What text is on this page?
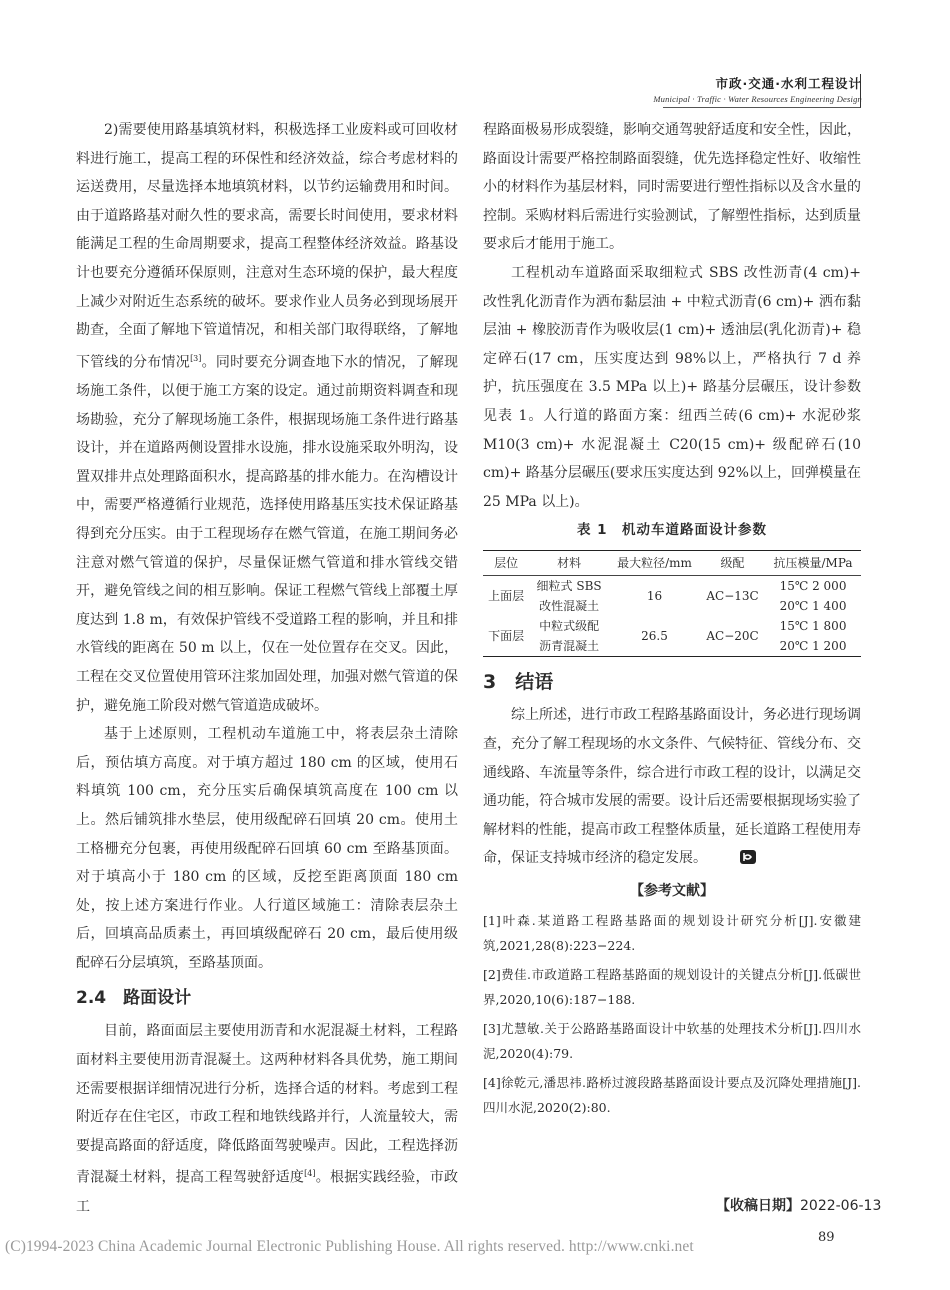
市政·交通·水利工程设计
Municipal · Traffic · Water Resources Engineering Design

2)需要使用路基填筑材料，积极选择工业废料或可回收材料进行施工，提高工程的环保性和经济效益，综合考虑材料的运送费用，尽量选择本地填筑材料，以节约运输费用和时间。由于道路路基对耐久性的要求高，需要长时间使用，要求材料能满足工程的生命周期要求，提高工程整体经济效益。路基设计也要充分遵循环保原则，注意对生态环境的保护，最大程度上减少对附近生态系统的破坏。要求作业人员务必到现场展开勘查，全面了解地下管道情况，和相关部门取得联络，了解地下管线的分布情况[3]。同时要充分调查地下水的情况，了解现场施工条件，以便于施工方案的设定。通过前期资料调查和现场勘验，充分了解现场施工条件，根据现场施工条件进行路基设计，并在道路两侧设置排水设施，排水设施采取外明沟，设置双排井点处理路面积水，提高路基的排水能力。在沟槽设计中，需要严格遵循行业规范，选择使用路基压实技术保证路基得到充分压实。由于工程现场存在燃气管道，在施工期间务必注意对燃气管道的保护，尽量保证燃气管道和排水管线交错开，避免管线之间的相互影响。保证工程燃气管线上部覆土厚度达到 1.8 m，有效保护管线不受道路工程的影响，并且和排水管线的距离在 50 m 以上，仅在一处位置存在交叉。因此，工程在交叉位置使用管环注浆加固处理，加强对燃气管道的保护，避免施工阶段对燃气管道造成破坏。

基于上述原则，工程机动车道施工中，将表层杂土清除后，预估填方高度。对于填方超过 180 cm 的区域，使用石料填筑 100 cm，充分压实后确保填筑高度在 100 cm 以上。然后铺筑排水垫层，使用级配碎石回填 20 cm。使用土工格栅充分包裹，再使用级配碎石回填 60 cm 至路基顶面。对于填高小于 180 cm 的区域，反挖至距离顶面 180 cm 处，按上述方案进行作业。人行道区域施工：清除表层杂土后，回填高品质素土，再回填级配碎石 20 cm，最后使用级配碎石分层填筑，至路基顶面。

2.4　路面设计

目前，路面面层主要使用沥青和水泥混凝土材料，工程路面材料主要使用沥青混凝土。这两种材料各具优势，施工期间还需要根据详细情况进行分析，选择合适的材料。考虑到工程附近存在住宅区，市政工程和地铁线路并行，人流量较大，需要提高路面的舒适度，降低路面驾驶噪声。因此，工程选择沥青混凝土材料，提高工程驾驶舒适度[4]。根据实践经验，市政工

程路面极易形成裂缝，影响交通驾驶舒适度和安全性，因此，路面设计需要严格控制路面裂缝，优先选择稳定性好、收缩性小的材料作为基层材料，同时需要进行塑性指标以及含水量的控制。采购材料后需进行实验测试，了解塑性指标，达到质量要求后才能用于施工。

工程机动车道路面采取细粒式 SBS 改性沥青(4 cm)+ 改性乳化沥青作为洒布黏层油 + 中粒式沥青(6 cm)+ 洒布黏层油 + 橡胶沥青作为吸收层(1 cm)+ 透油层(乳化沥青)+ 稳定碎石(17 cm，压实度达到 98%以上，严格执行 7 d 养护，抗压强度在 3.5 MPa 以上)+ 路基分层碾压，设计参数见表 1。人行道的路面方案：纽西兰砖(6 cm)+ 水泥砂浆 M10(3 cm)+ 水泥混凝土 C20(15 cm)+ 级配碎石(10 cm)+ 路基分层碾压(要求压实度达到 92%以上，回弹模量在 25 MPa 以上)。

表 1　机动车道路面设计参数
层位	材料	最大粒径/mm	级配	抗压模量/MPa
上面层	细粒式 SBS	16	AC−13C	15℃ 2 000
	改性混凝土			20℃ 1 400
下面层	中粒式级配	26.5	AC−20C	15℃ 1 800
	沥青混凝土			20℃ 1 200
3　结语

综上所述，进行市政工程路基路面设计，务必进行现场调查，充分了解工程现场的水文条件、气候特征、管线分布、交通线路、车流量等条件，综合进行市政工程的设计，以满足交通功能，符合城市发展的需要。设计后还需要根据现场实验了解材料的性能，提高市政工程整体质量，延长道路工程使用寿命，保证支持城市经济的稳定发展。

【参考文献】

[1]叶森.某道路工程路基路面的规划设计研究分析[J].安徽建筑,2021,28(8):223−224.

[2]费佳.市政道路工程路基路面的规划设计的关键点分析[J].低碳世界,2020,10(6):187−188.

[3]尤慧敏.关于公路路基路面设计中软基的处理技术分析[J].四川水泥,2020(4):79.

[4]徐乾元,潘思祎.路桥过渡段路基路面设计要点及沉降处理措施[J].四川水泥,2020(2):80.

【收稿日期】2022-06-13
89
(C)1994-2023 China Academic Journal Electronic Publishing House. All rights reserved. http://www.cnki.net
